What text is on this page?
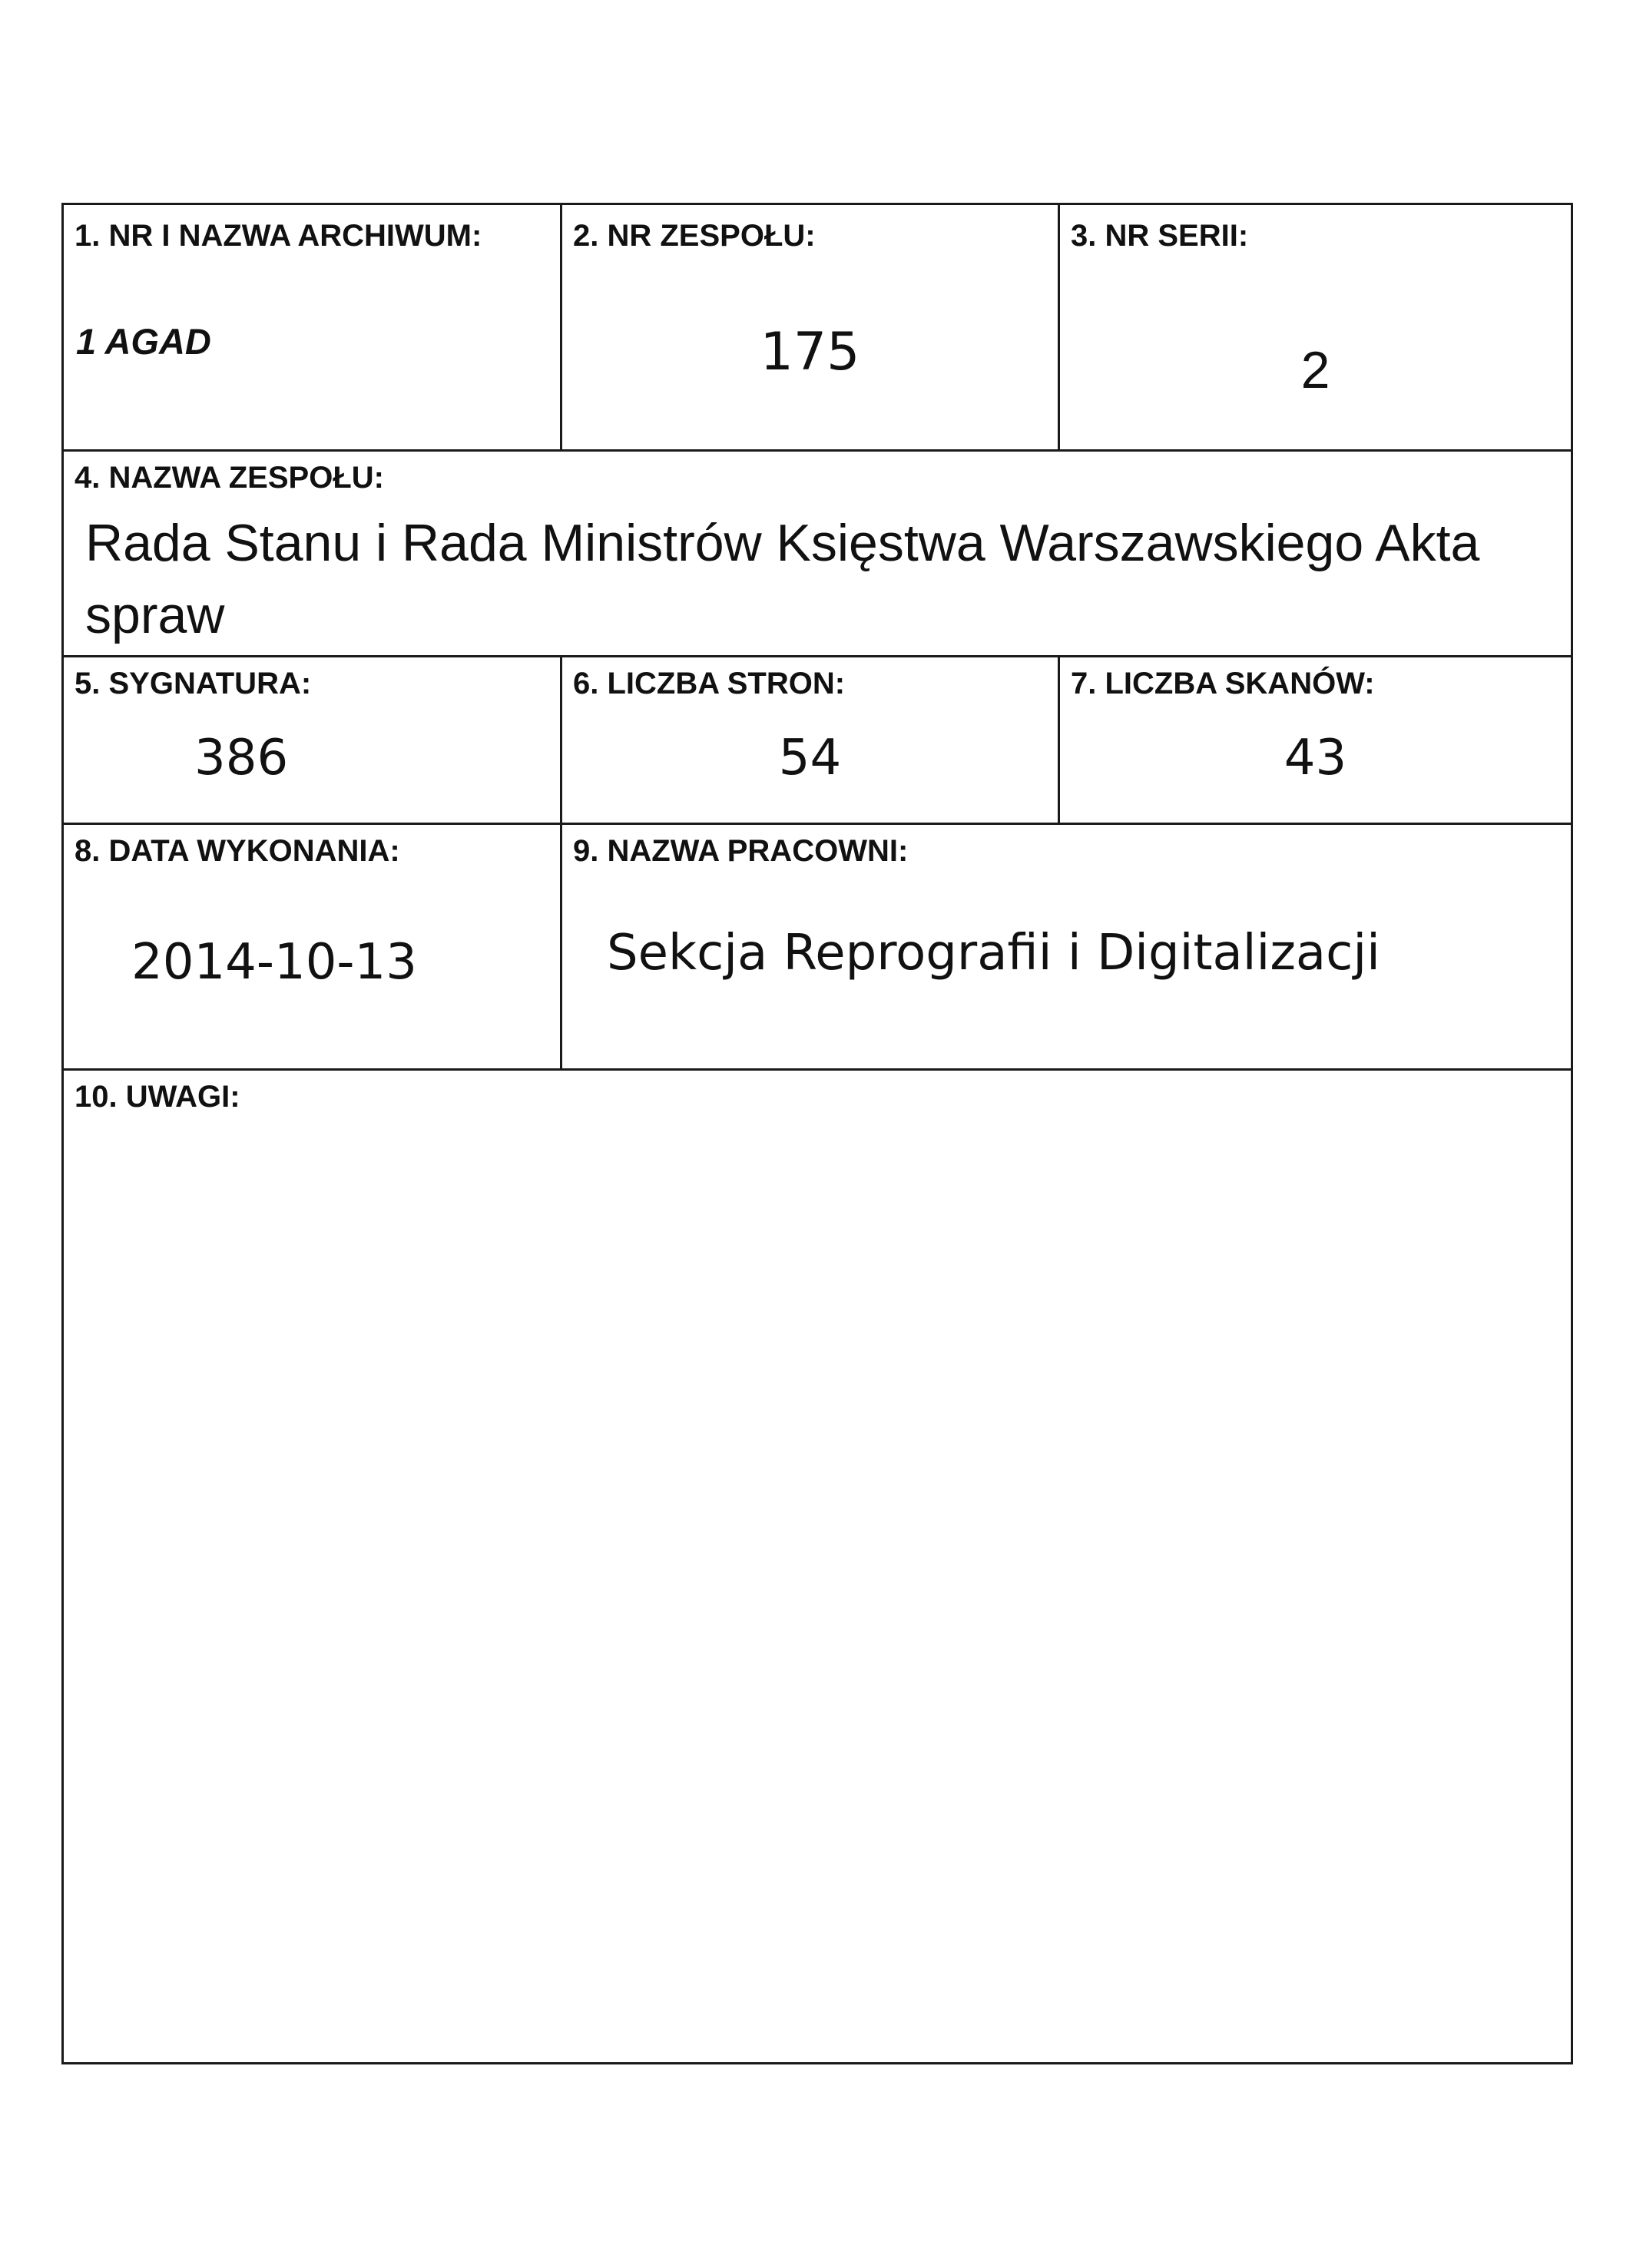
1. NR I NAZWA ARCHIWUM:
1 AGAD
2. NR ZESPOŁU:
175
3. NR SERII:
2
4. NAZWA ZESPOŁU:
Rada Stanu i Rada Ministrów Księstwa Warszawskiego Akta spraw
5. SYGNATURA:
386
6. LICZBA STRON:
54
7. LICZBA SKANÓW:
43
8. DATA WYKONANIA:
2014-10-13
9. NAZWA PRACOWNI:
Sekcja Reprografii i Digitalizacji
10. UWAGI:
